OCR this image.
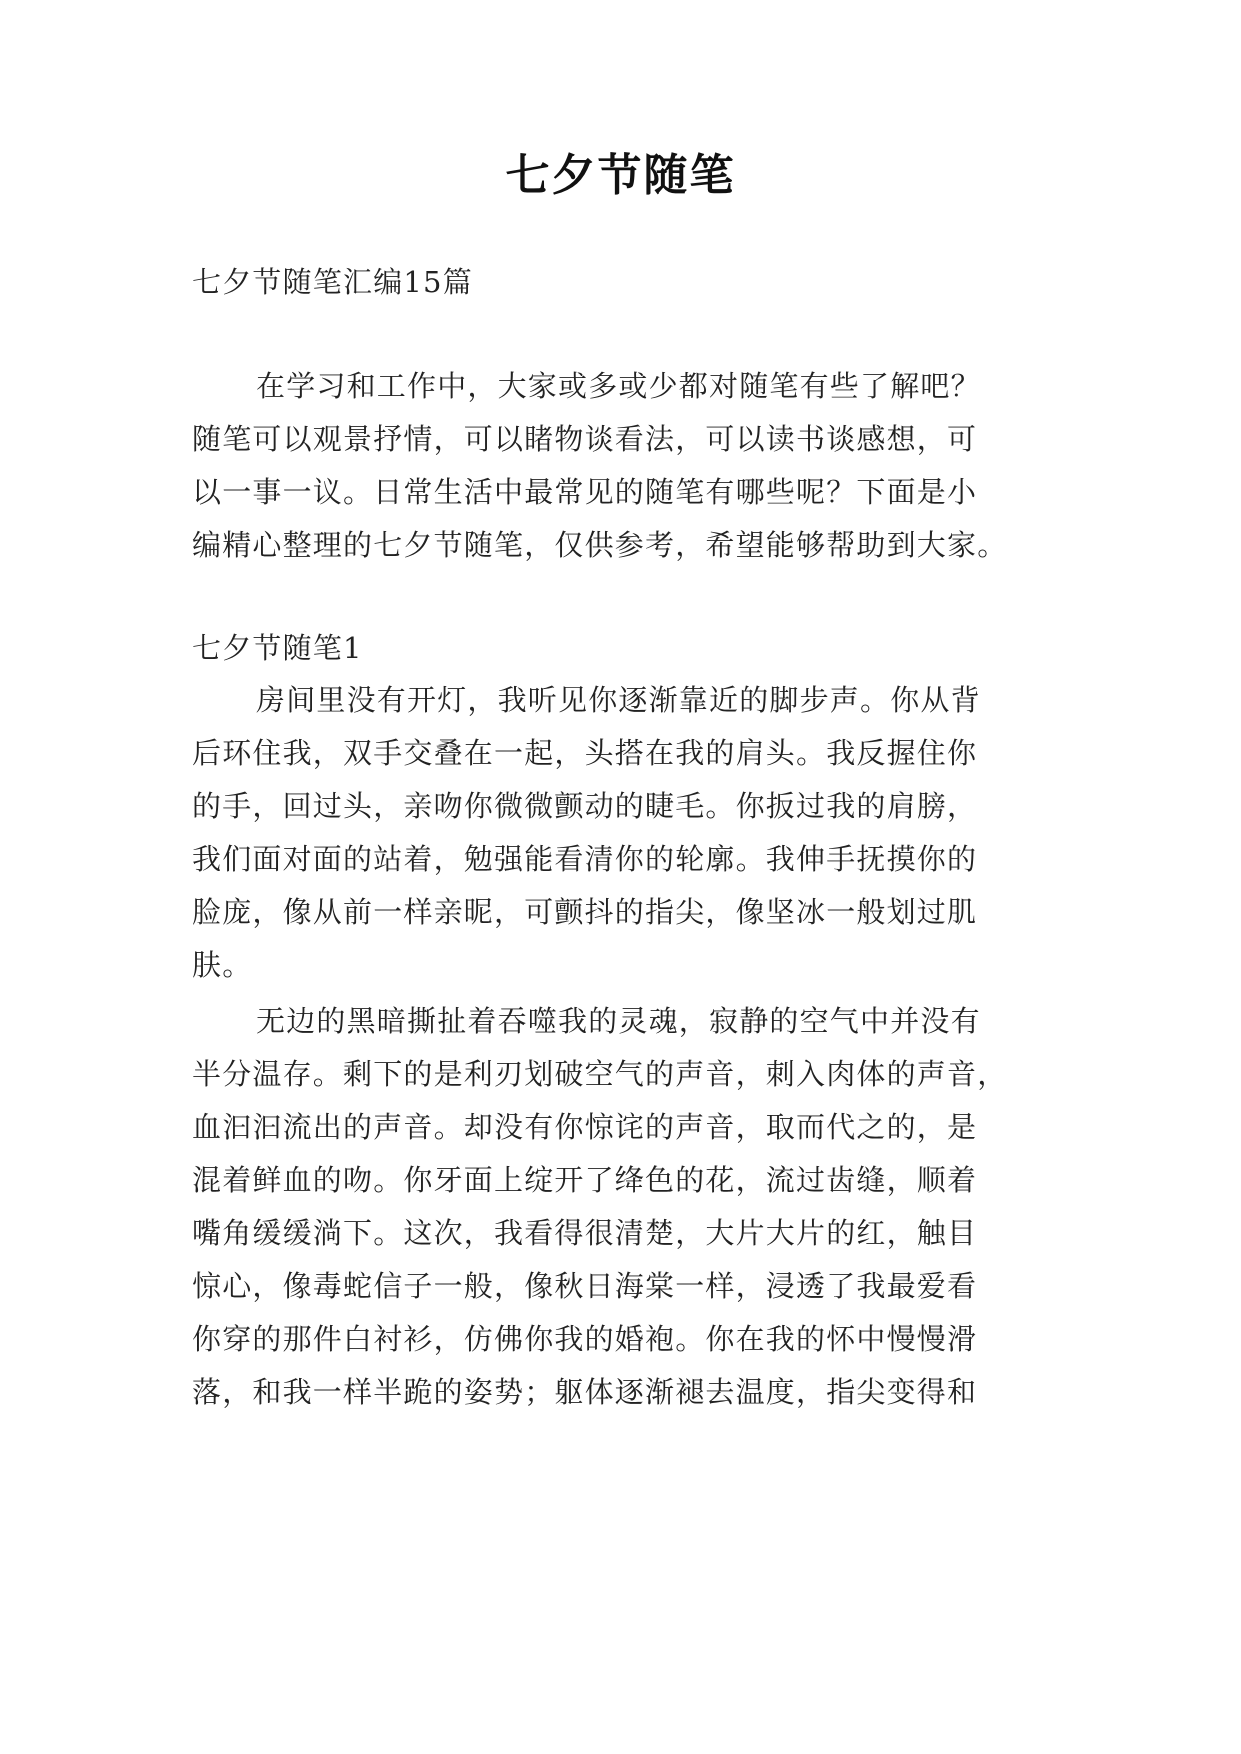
七夕节随笔
七夕节随笔汇编15篇
在学习和工作中，大家或多或少都对随笔有些了解吧？
随笔可以观景抒情，可以睹物谈看法，可以读书谈感想，可
以一事一议。日常生活中最常见的随笔有哪些呢？下面是小
编精心整理的七夕节随笔，仅供参考，希望能够帮助到大家。
七夕节随笔1
房间里没有开灯，我听见你逐渐靠近的脚步声。你从背
后环住我，双手交叠在一起，头搭在我的肩头。我反握住你
的手，回过头，亲吻你微微颤动的睫毛。你扳过我的肩膀，
我们面对面的站着，勉强能看清你的轮廓。我伸手抚摸你的
脸庞，像从前一样亲昵，可颤抖的指尖，像坚冰一般划过肌
肤。
无边的黑暗撕扯着吞噬我的灵魂，寂静的空气中并没有
半分温存。剩下的是利刃划破空气的声音，刺入肉体的声音，
血汩汩流出的声音。却没有你惊诧的声音，取而代之的，是
混着鲜血的吻。你牙面上绽开了绛色的花，流过齿缝，顺着
嘴角缓缓淌下。这次，我看得很清楚，大片大片的红，触目
惊心，像毒蛇信子一般，像秋日海棠一样，浸透了我最爱看
你穿的那件白衬衫，仿佛你我的婚袍。你在我的怀中慢慢滑
落，和我一样半跪的姿势；躯体逐渐褪去温度，指尖变得和
